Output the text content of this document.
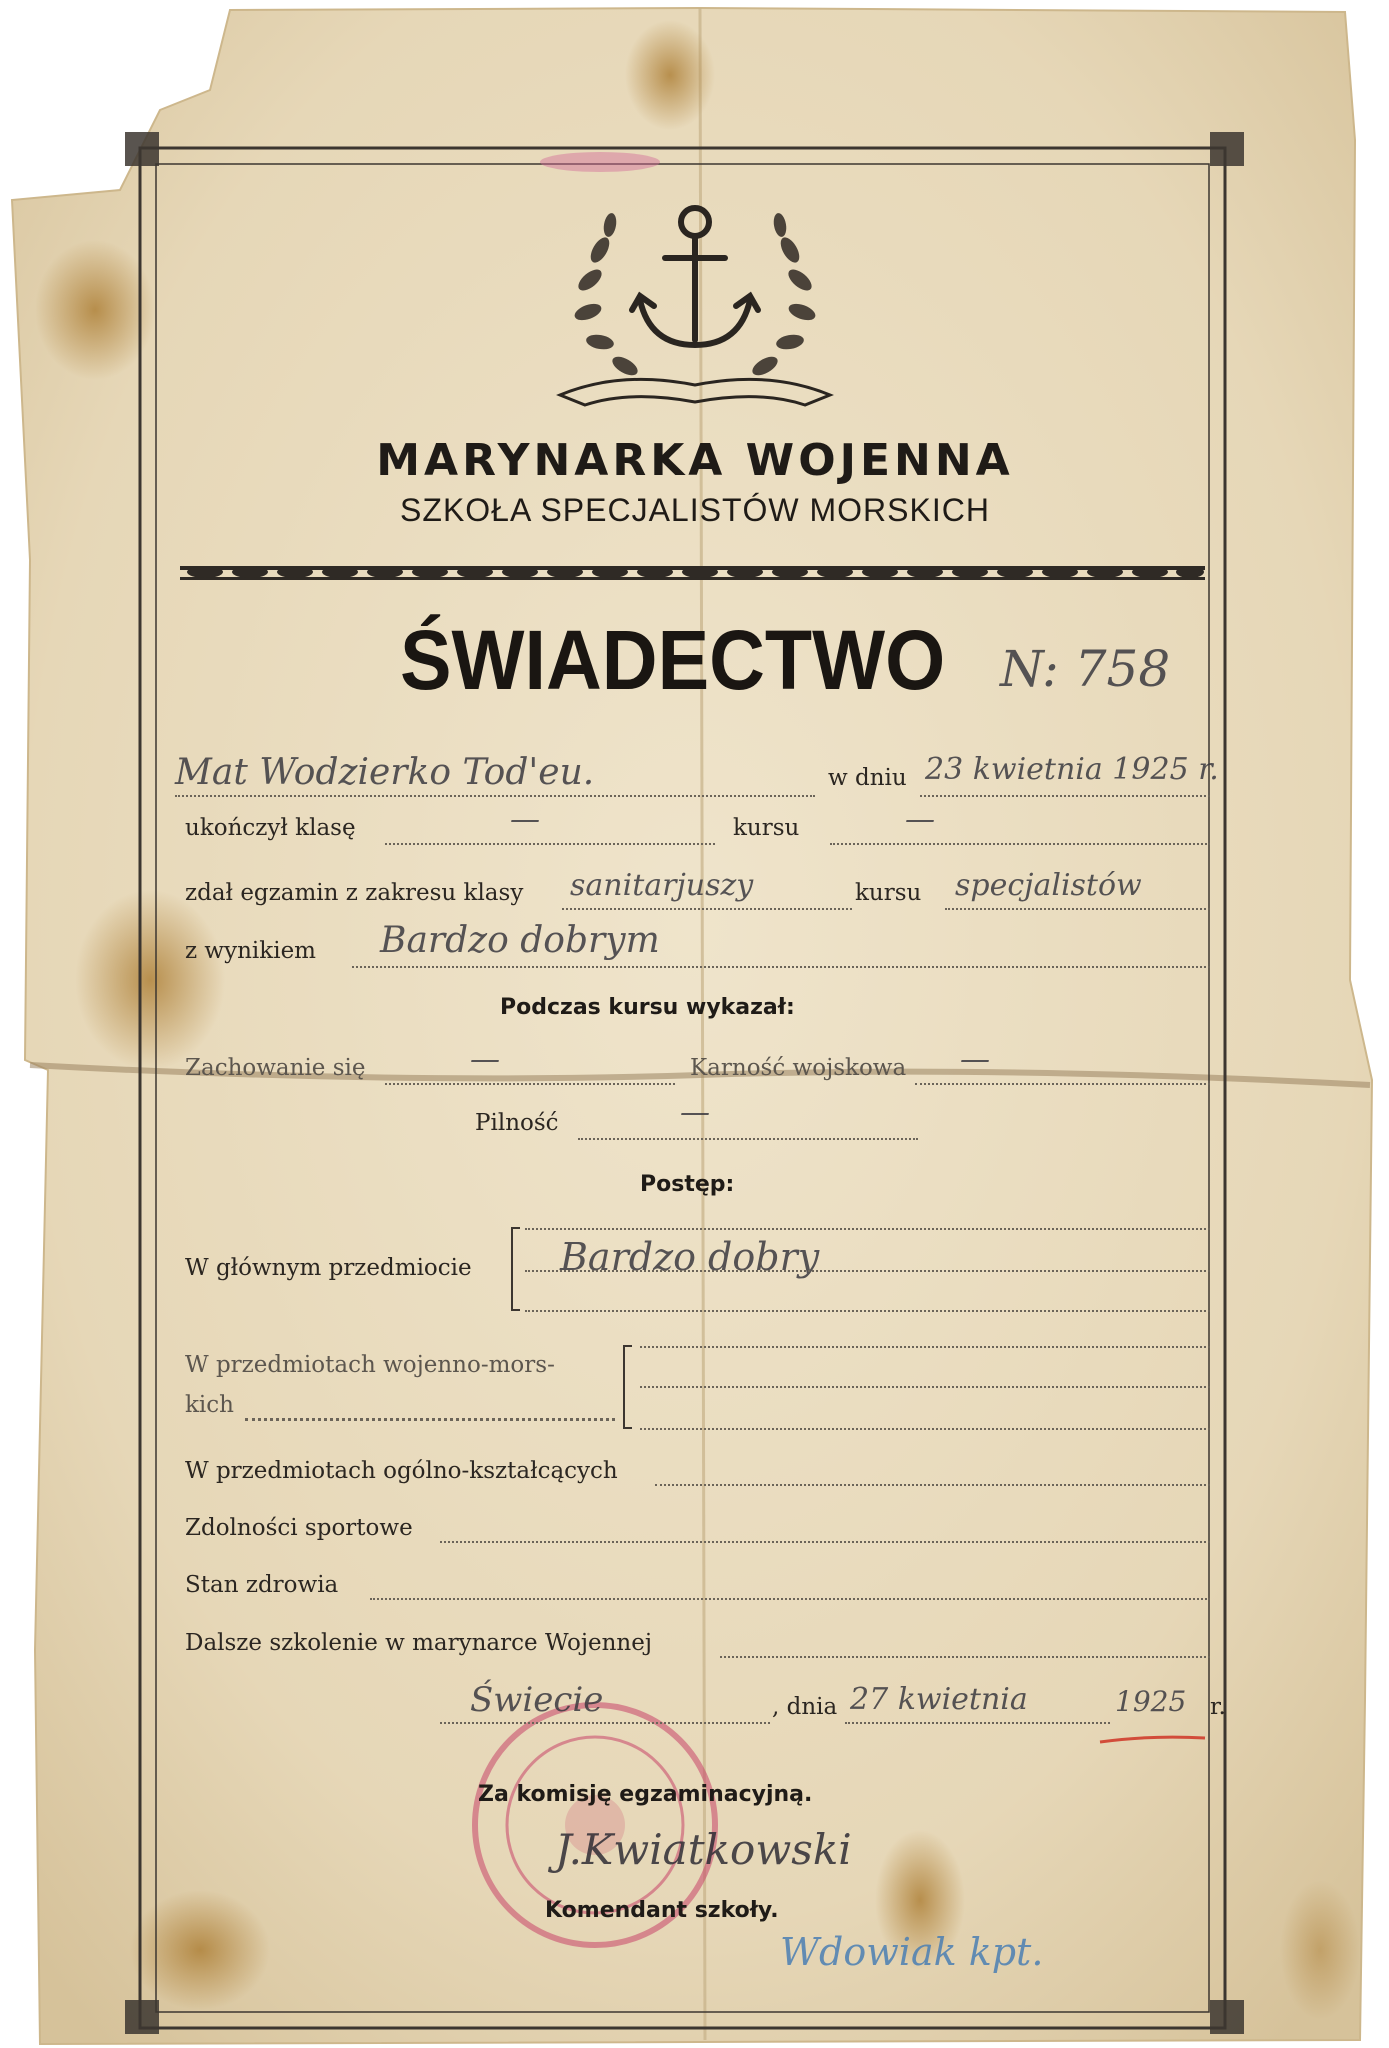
MARYNARKA WOJENNA
SZKOŁA SPECJALISTÓW MORSKICH
ŚWIADECTWO N: 758
Mat Wodzierko Tod'eu.	w dniu 23 kwietnia 1925 r.
ukończył klasę	—	kursu	—
zdał egzamin z zakresu klasy sanitarjuszy	kursu specjalistów
z wynikiem Bardzo dobrym
Podczas kursu wykazał:
Zachowanie się	—	Karność wojskowa —
Pilność	—
Postęp:
W głównym przedmiocie Bardzo dobry
W przedmiotach wojenno-mors-
kich
W przedmiotach ogólno-kształcących
Zdolności sportowe
Stan zdrowia
Dalsze szkolenie w marynarce Wojennej
Świecie	, dnia 27 kwietnia	1925 r.
Za komisję egzaminacyjną.
J.Kwiatkowski
Komendant szkoły.
Wdowiak kpt.
